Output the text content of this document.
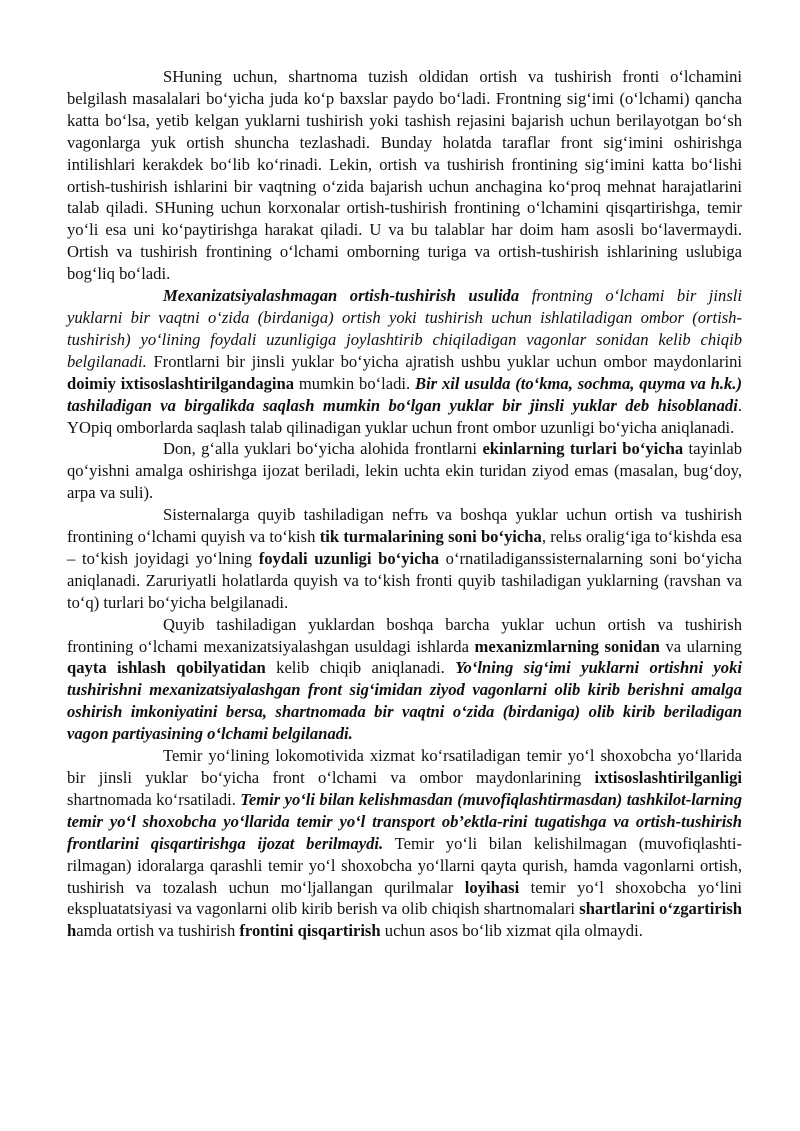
SHuning uchun, shartnoma tuzish oldidan ortish va tushirish fronti o‘lchamini belgilash masalalari bo‘yicha juda ko‘p baxslar paydo bo‘ladi. Frontning sig‘imi (o‘lchami) qancha katta bo‘lsa, yetib kelgan yuklarni tushirish yoki tashish rejasini bajarish uchun berilayotgan bo‘sh vagonlarga yuk ortish shuncha tezlashadi. Bunday holatda taraflar front sig‘imini oshirishga intilishlari kerakdek bo‘lib ko‘rinadi. Lekin, ortish va tushirish frontining sig‘imini katta bo‘lishi ortish-tushirish ishlarini bir vaqtning o‘zida bajarish uchun anchagina ko‘proq mehnat harajatlarini talab qiladi. SHuning uchun korxonalar ortish-tushirish frontining o‘lchamini qisqartirishga, temir yo‘li esa uni ko‘paytirishga harakat qiladi. U va bu talablar har doim ham asosli bo‘lavermaydi. Ortish va tushirish frontining o‘lchami omborning turiga va ortish-tushirish ishlarining uslubiga bog‘liq bo‘ladi.

Mexanizatsiyalashmagan ortish-tushirish usulida frontning o‘lchami bir jinsli yuklarni bir vaqtni o‘zida (birdaniga) ortish yoki tushirish uchun ishlatiladigan ombor (ortish-tushirish) yo‘lining foydali uzunligiga joylashtirib chiqiladigan vagonlar sonidan kelib chiqib belgilanadi. Frontlarni bir jinsli yuklar bo‘yicha ajratish ushbu yuklar uchun ombor maydonlarini doimiy ixtisoslashtirilgandagina mumkin bo‘ladi. Bir xil usulda (to‘kma, sochma, quyma va h.k.) tashiladigan va birgalikda saqlash mumkin bo‘lgan yuklar bir jinsli yuklar deb hisoblanadi. YOpiq omborlarda saqlash talab qilinadigan yuklar uchun front ombor uzunligi bo‘yicha aniqlanadi.

Don, g‘alla yuklari bo‘yicha alohida frontlarni ekinlarning turlari bo‘yicha tayinlab qo‘yishni amalga oshirishga ijozat beriladi, lekin uchta ekin turidan ziyod emas (masalan, bug‘doy, arpa va suli).

Sisternalarga quyib tashiladigan nefть va boshqa yuklar uchun ortish va tushirish frontining o‘lchami quyish va to‘kish tik turmalarining soni bo‘yicha, relьs oralig‘iga to‘kishda esa – to‘kish joyidagi yo‘lning foydali uzunligi bo‘yicha o‘rnatiladiganssisternalarning soni bo‘yicha aniqlanadi. Zaruriyatli holatlarda quyish va to‘kish fronti quyib tashiladigan yuklarning (ravshan va to‘q) turlari bo‘yicha belgilanadi.

Quyib tashiladigan yuklardan boshqa barcha yuklar uchun ortish va tushirish frontining o‘lchami mexanizatsiyalashgan usuldagi ishlarda mexanizmlarning sonidan va ularning qayta ishlash qobilyatidan kelib chiqib aniqlanadi. Yo‘lning sig‘imi yuklarni ortishni yoki tushirishni mexanizatsiyalashgan front sig‘imidan ziyod vagonlarni olib kirib berishni amalga oshirish imkoniyatini bersa, shartnomada bir vaqtni o‘zida (birdaniga) olib kirib beriladigan vagon partiyasining o‘lchami belgilanadi.

Temir yo‘lining lokomotivida xizmat ko‘rsatiladigan temir yo‘l shoxobcha yo‘llarida bir jinsli yuklar bo‘yicha front o‘lchami va ombor maydonlarining ixtisoslashtirilganligi shartnomada ko‘rsatiladi. Temir yo‘li bilan kelishmasdan (muvofiqlashtirmasdan) tashkilot-larning temir yo‘l shoxobcha yo‘llarida temir yo‘l transport ob’ektla-rini tugatishga va ortish-tushirish frontlarini qisqartirishga ijozat berilmaydi. Temir yo‘li bilan kelishilmagan (muvofiqlashti-rilmagan) idoralarga qarashli temir yo‘l shoxobcha yo‘llarni qayta qurish, hamda vagonlarni ortish, tushirish va tozalash uchun mo‘ljallangan qurilmalar loyihasi temir yo‘l shoxobcha yo‘lini ekspluatatsiyasi va vagonlarni olib kirib berish va olib chiqish shartnomalari shartlarini o‘zgartirish hamda ortish va tushirish frontini qisqartirish uchun asos bo‘lib xizmat qila olmaydi.
